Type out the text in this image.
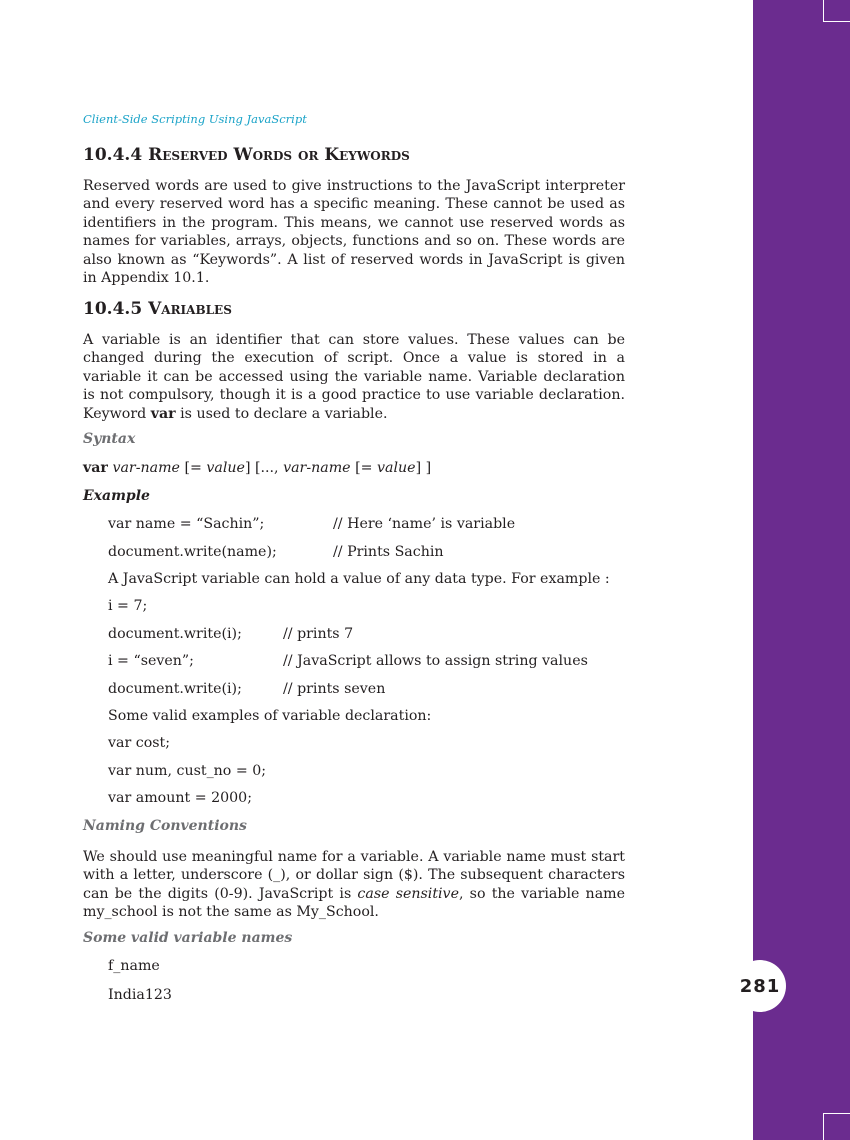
281
Client-Side Scripting Using JavaScript
10.4.4 Reserved Words or Keywords

Reserved words are used to give instructions to the JavaScript interpreter and every reserved word has a specific meaning. These cannot be used as identifiers in the program. This means, we cannot use reserved words as names for variables, arrays, objects, functions and so on. These words are also known as “Keywords”. A list of reserved words in JavaScript is given in Appendix 10.1.

10.4.5 Variables

A variable is an identifier that can store values. These values can be changed during the execution of script. Once a value is stored in a variable it can be accessed using the variable name. Variable declaration is not compulsory, though it is a good practice to use variable declaration. Keyword var is used to declare a variable.

Syntax
var var-name [= value] [..., var-name [= value] ]
Example
var name = “Sachin”;	// Here ‘name’ is variable
document.write(name);	// Prints Sachin
A JavaScript variable can hold a value of any data type. For example :
i = 7;
document.write(i);	// prints 7
i = “seven”;	// JavaScript allows to assign string values
document.write(i);	// prints seven
Some valid examples of variable declaration:
var cost;
var num, cust_no = 0;
var amount = 2000;
Naming Conventions

We should use meaningful name for a variable. A variable name must start with a letter, underscore (_), or dollar sign ($). The subsequent characters can be the digits (0-9). JavaScript is case sensitive, so the variable name my_school is not the same as My_School.

Some valid variable names
f_name
India123
